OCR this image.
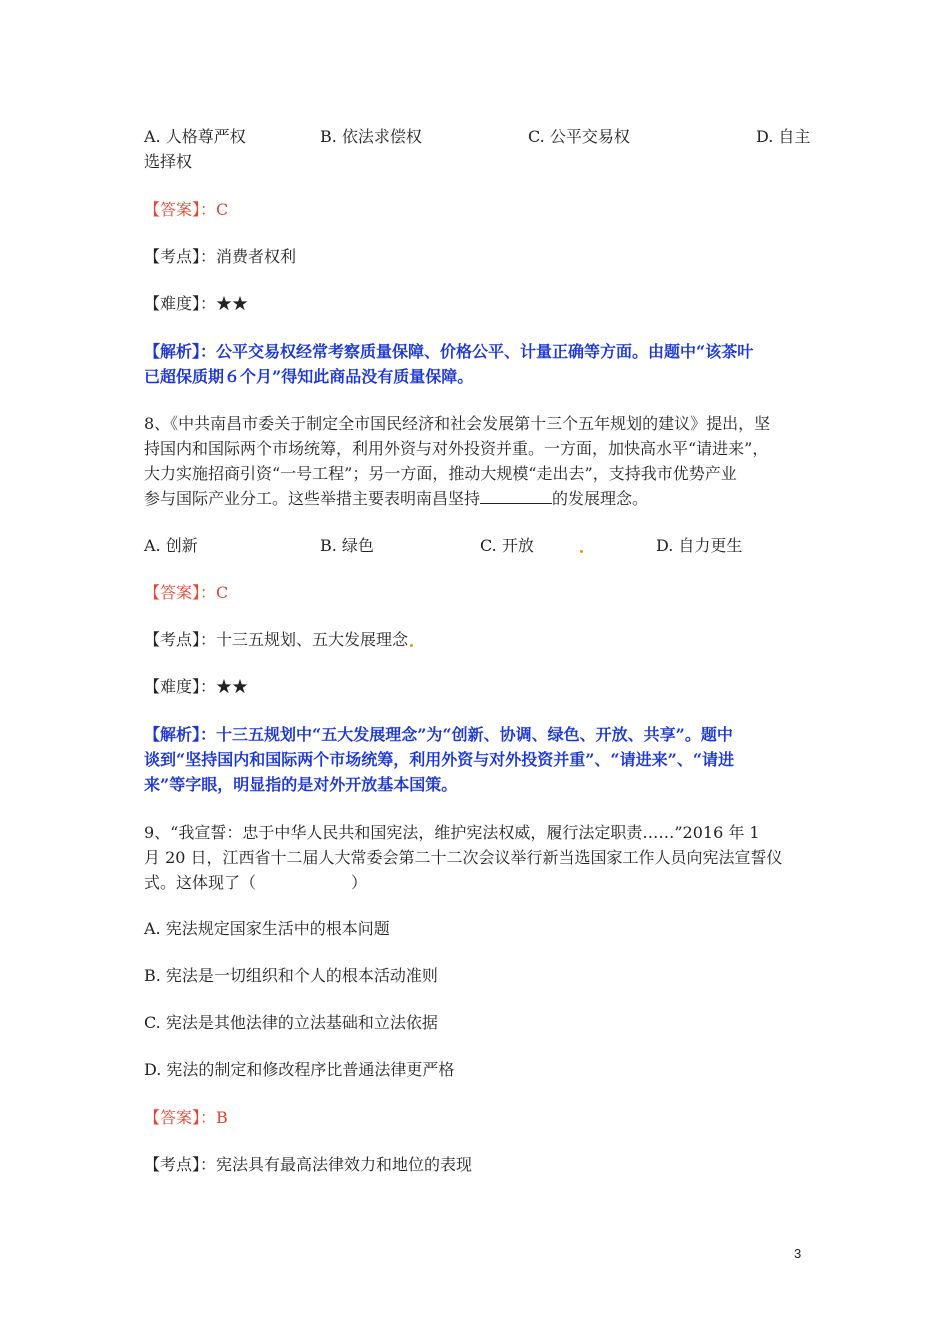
A. 人格尊严权	B. 依法求偿权	C. 公平交易权	D. 自主
选择权
【答案】：C
【考点】：消费者权利
【难度】：★★
【解析】：公平交易权经常考察质量保障、价格公平、计量正确等方面。由题中“该茶叶
已超保质期６个月”得知此商品没有质量保障。
8、《中共南昌市委关于制定全市国民经济和社会发展第十三个五年规划的建议》提出，坚
持国内和国际两个市场统筹，利用外资与对外投资并重。一方面，加快高水平“请进来”，
大力实施招商引资“一号工程”；另一方面，推动大规模“走出去”，支持我市优势产业
参与国际产业分工。这些举措主要表明南昌坚持	的发展理念。
A. 创新	B. 绿色	C. 开放	D. 自力更生
【答案】：C
【考点】：十三五规划、五大发展理念
【难度】：★★
【解析】：十三五规划中“五大发展理念”为“创新、协调、绿色、开放、共享”。题中
谈到“坚持国内和国际两个市场统筹，利用外资与对外投资并重”、“请进来”、“请进
来”等字眼，明显指的是对外开放基本国策。
9、“我宣誓：忠于中华人民共和国宪法，维护宪法权威，履行法定职责……”2016 年 1
月 20 日，江西省十二届人大常委会第二十二次会议举行新当选国家工作人员向宪法宣誓仪
式。这体现了（	）
A. 宪法规定国家生活中的根本问题
B. 宪法是一切组织和个人的根本活动准则
C. 宪法是其他法律的立法基础和立法依据
D. 宪法的制定和修改程序比普通法律更严格
【答案】：B
【考点】：宪法具有最高法律效力和地位的表现
3
